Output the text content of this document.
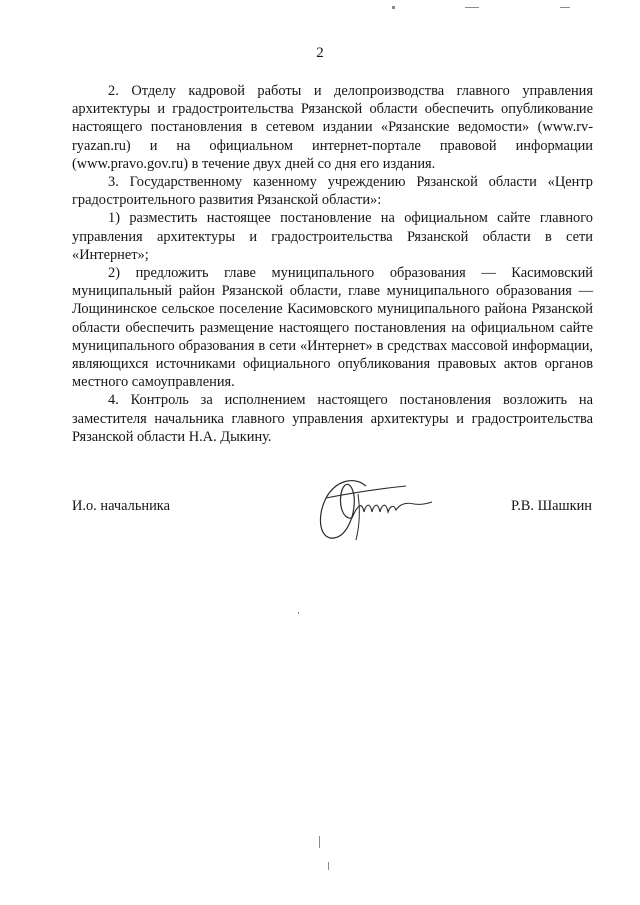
2

2. Отделу кадровой работы и делопроизводства главного управления архитектуры и градостроительства Рязанской области обеспечить опубликование настоящего постановления в сетевом издании «Рязанские ведомости» (www.rv-ryazan.ru) и на официальном интернет-портале правовой информации (www.pravo.gov.ru) в течение двух дней со дня его издания.

3. Государственному казенному учреждению Рязанской области «Центр градостроительного развития Рязанской области»:

1) разместить настоящее постановление на официальном сайте главного управления архитектуры и градостроительства Рязанской области в сети «Интернет»;

2) предложить главе муниципального образования — Касимовский муниципальный район Рязанской области, главе муниципального образования — Лощининское сельское поселение Касимовского муниципального района Рязанской области обеспечить размещение настоящего постановления на официальном сайте муниципального образования в сети «Интернет» в средствах массовой информации, являющихся источниками официального опубликования правовых актов органов местного самоуправления.

4. Контроль за исполнением настоящего постановления возложить на заместителя начальника главного управления архитектуры и градостроительства Рязанской области Н.А. Дыкину.

И.о. начальника	Р.В. Шашкин
